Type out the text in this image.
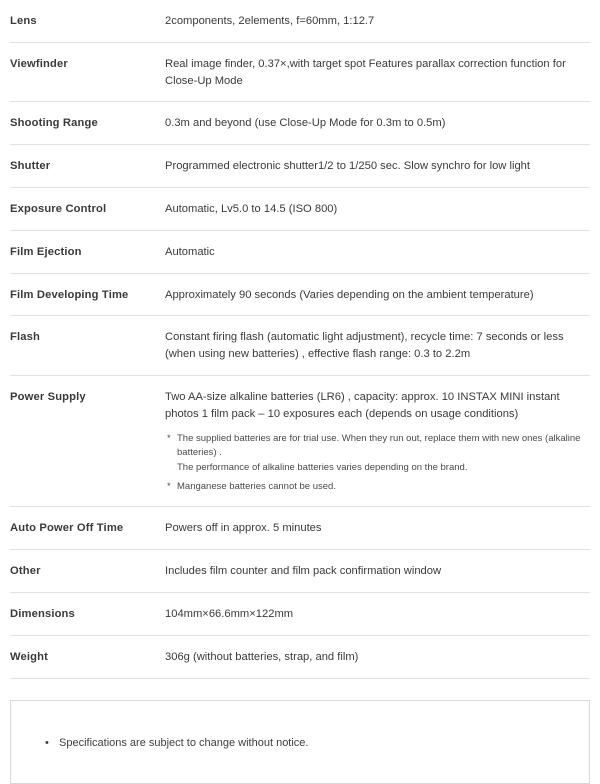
Lens	2components, 2elements, f=60mm, 1:12.7
Viewfinder	Real image finder, 0.37×,with target spot Features parallax correction function for Close-Up Mode
Shooting Range	0.3m and beyond (use Close-Up Mode for 0.3m to 0.5m)
Shutter	Programmed electronic shutter1/2 to 1/250 sec. Slow synchro for low light
Exposure Control	Automatic, Lv5.0 to 14.5 (ISO 800)
Film Ejection	Automatic
Film Developing Time	Approximately 90 seconds (Varies depending on the ambient temperature)
Flash	Constant firing flash (automatic light adjustment), recycle time: 7 seconds or less (when using new batteries) , effective flash range: 0.3 to 2.2m
Power Supply	Two AA-size alkaline batteries (LR6) , capacity: approx. 10 INSTAX MINI instant photos 1 film pack – 10 exposures each (depends on usage conditions)
* The supplied batteries are for trial use. When they run out, replace them with new ones (alkaline batteries) .
The performance of alkaline batteries varies depending on the brand.
* Manganese batteries cannot be used.

Auto Power Off Time	Powers off in approx. 5 minutes
Other	Includes film counter and film pack confirmation window
Dimensions	104mm×66.6mm×122mm
Weight	306g (without batteries, strap, and film)
• Specifications are subject to change without notice.
